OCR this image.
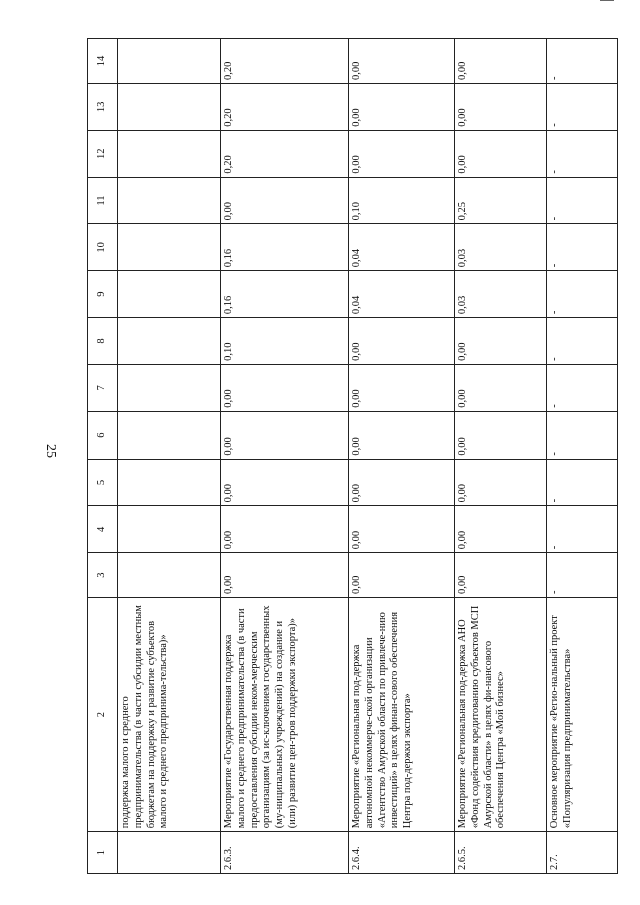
25
1	2	3	4	5	6	7	8	9	10	11	12	13	14
	поддержка малого и среднего предпринимательства (в части субсидии местным бюджетам на поддержку и развитие субъектов малого и среднего предпринима-тельства)»												
2.6.3.	Мероприятие «Государственная поддержка малого и среднего предпринимательства (в части предоставления субсидии неком-мерческим организациям (за ис-ключением государственных (му-ниципальных) учреждений) на создание и (или) развитие цен-тров поддержки экспорта)»	0,00	0,00	0,00	0,00	0,00	0,10	0,16	0,16	0,00	0,20	0,20	0,20
2.6.4.	Мероприятие «Региональная под-держка автономной некоммерче-ской организации «Агентство Амурской области по привлече-нию инвестиций» в целях финан-сового обеспечения Центра под-держки экспорта»	0,00	0,00	0,00	0,00	0,00	0,00	0,04	0,04	0,10	0,00	0,00	0,00
2.6.5.	Мероприятие «Региональная под-держка АНО «Фонд содействия кредитованию субъектов МСП Амурской области» в целях фи-нансового обеспечения Центра «Мой бизнес»	0,00	0,00	0,00	0,00	0,00	0,00	0,03	0,03	0,25	0,00	0,00	0,00
2.7.	Основное мероприятие «Регио-нальный проект «Популяризация предпринимательства»	-	-	-	-	-	-	-	-	-	-	-	-
